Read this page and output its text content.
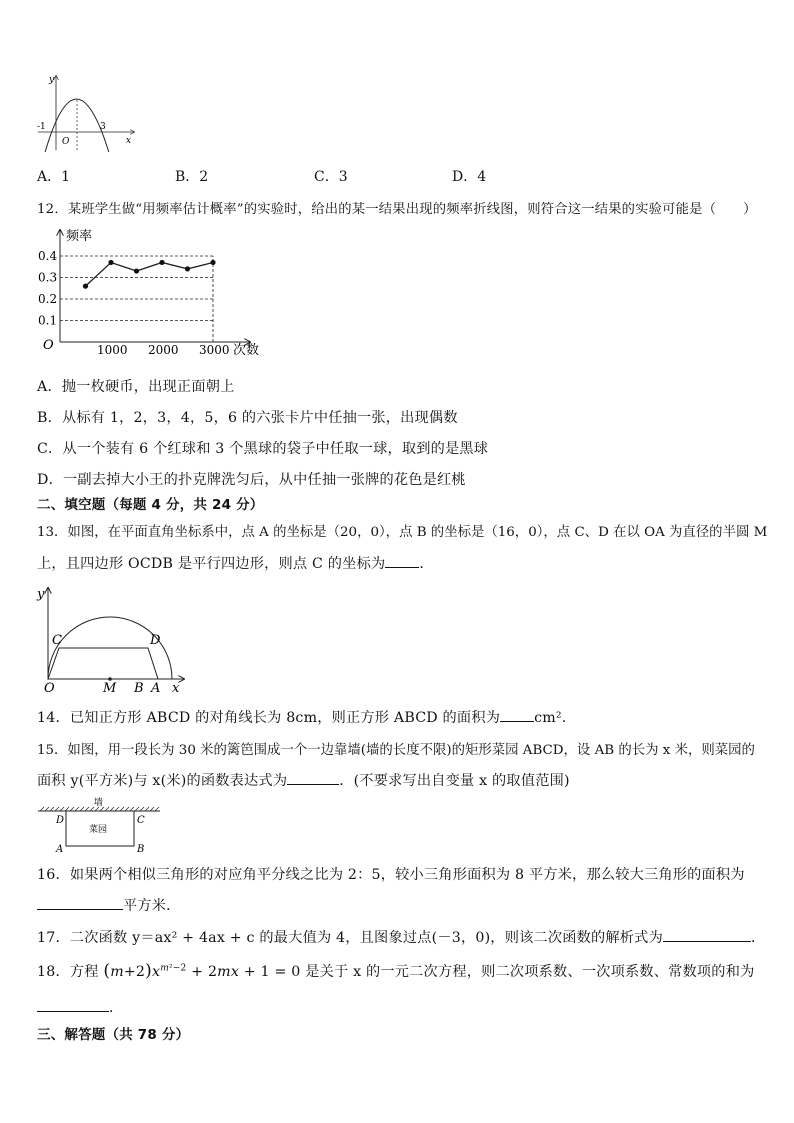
y
x
O
-1	3
A．1	B．2	C．3	D．4
12．某班学生做“用频率估计概率”的实验时，给出的某一结果出现的频率折线图，则符合这一结果的实验可能是（　　）
0.1
0.2
0.3
0.4
1000 2000 3000
频率
次数
O
A．抛一枚硬币，出现正面朝上
B．从标有 1，2，3，4，5，6 的六张卡片中任抽一张，出现偶数
C．从一个装有 6 个红球和 3 个黑球的袋子中任取一球，取到的是黑球
D．一副去掉大小王的扑克牌洗匀后，从中任抽一张牌的花色是红桃
二、填空题（每题 4 分，共 24 分）
13．如图，在平面直角坐标系中，点 A 的坐标是（20，0），点 B 的坐标是（16，0），点 C、D 在以 OA 为直径的半圆 M
上，且四边形 OCDB 是平行四边形，则点 C 的坐标为 ．
y
x
C	D
O	M B A
14．已知正方形 ABCD 的对角线长为 8cm，则正方形 ABCD 的面积为 cm²．
15．如图，用一段长为 30 米的篱笆围成一个一边靠墙(墙的长度不限)的矩形菜园 ABCD，设 AB 的长为 x 米，则菜园的
面积 y(平方米)与 x(米)的函数表达式为	．(不要求写出自变量 x 的取值范围)
墙
D	C
A	B
菜园
16．如果两个相似三角形的对应角平分线之比为 2：5，较小三角形面积为 8 平方米，那么较大三角形的面积为
平方米．
17．二次函数 y＝ax² + 4ax + c 的最大值为 4，且图象过点(－3，0)，则该二次函数的解析式为	．
18．方程 $(m+2)x^{m^2-2} + 2mx + 1 = 0$ 是关于 x 的一元二次方程，则二次项系数、一次项系数、常数项的和为
．
三、解答题（共 78 分）
